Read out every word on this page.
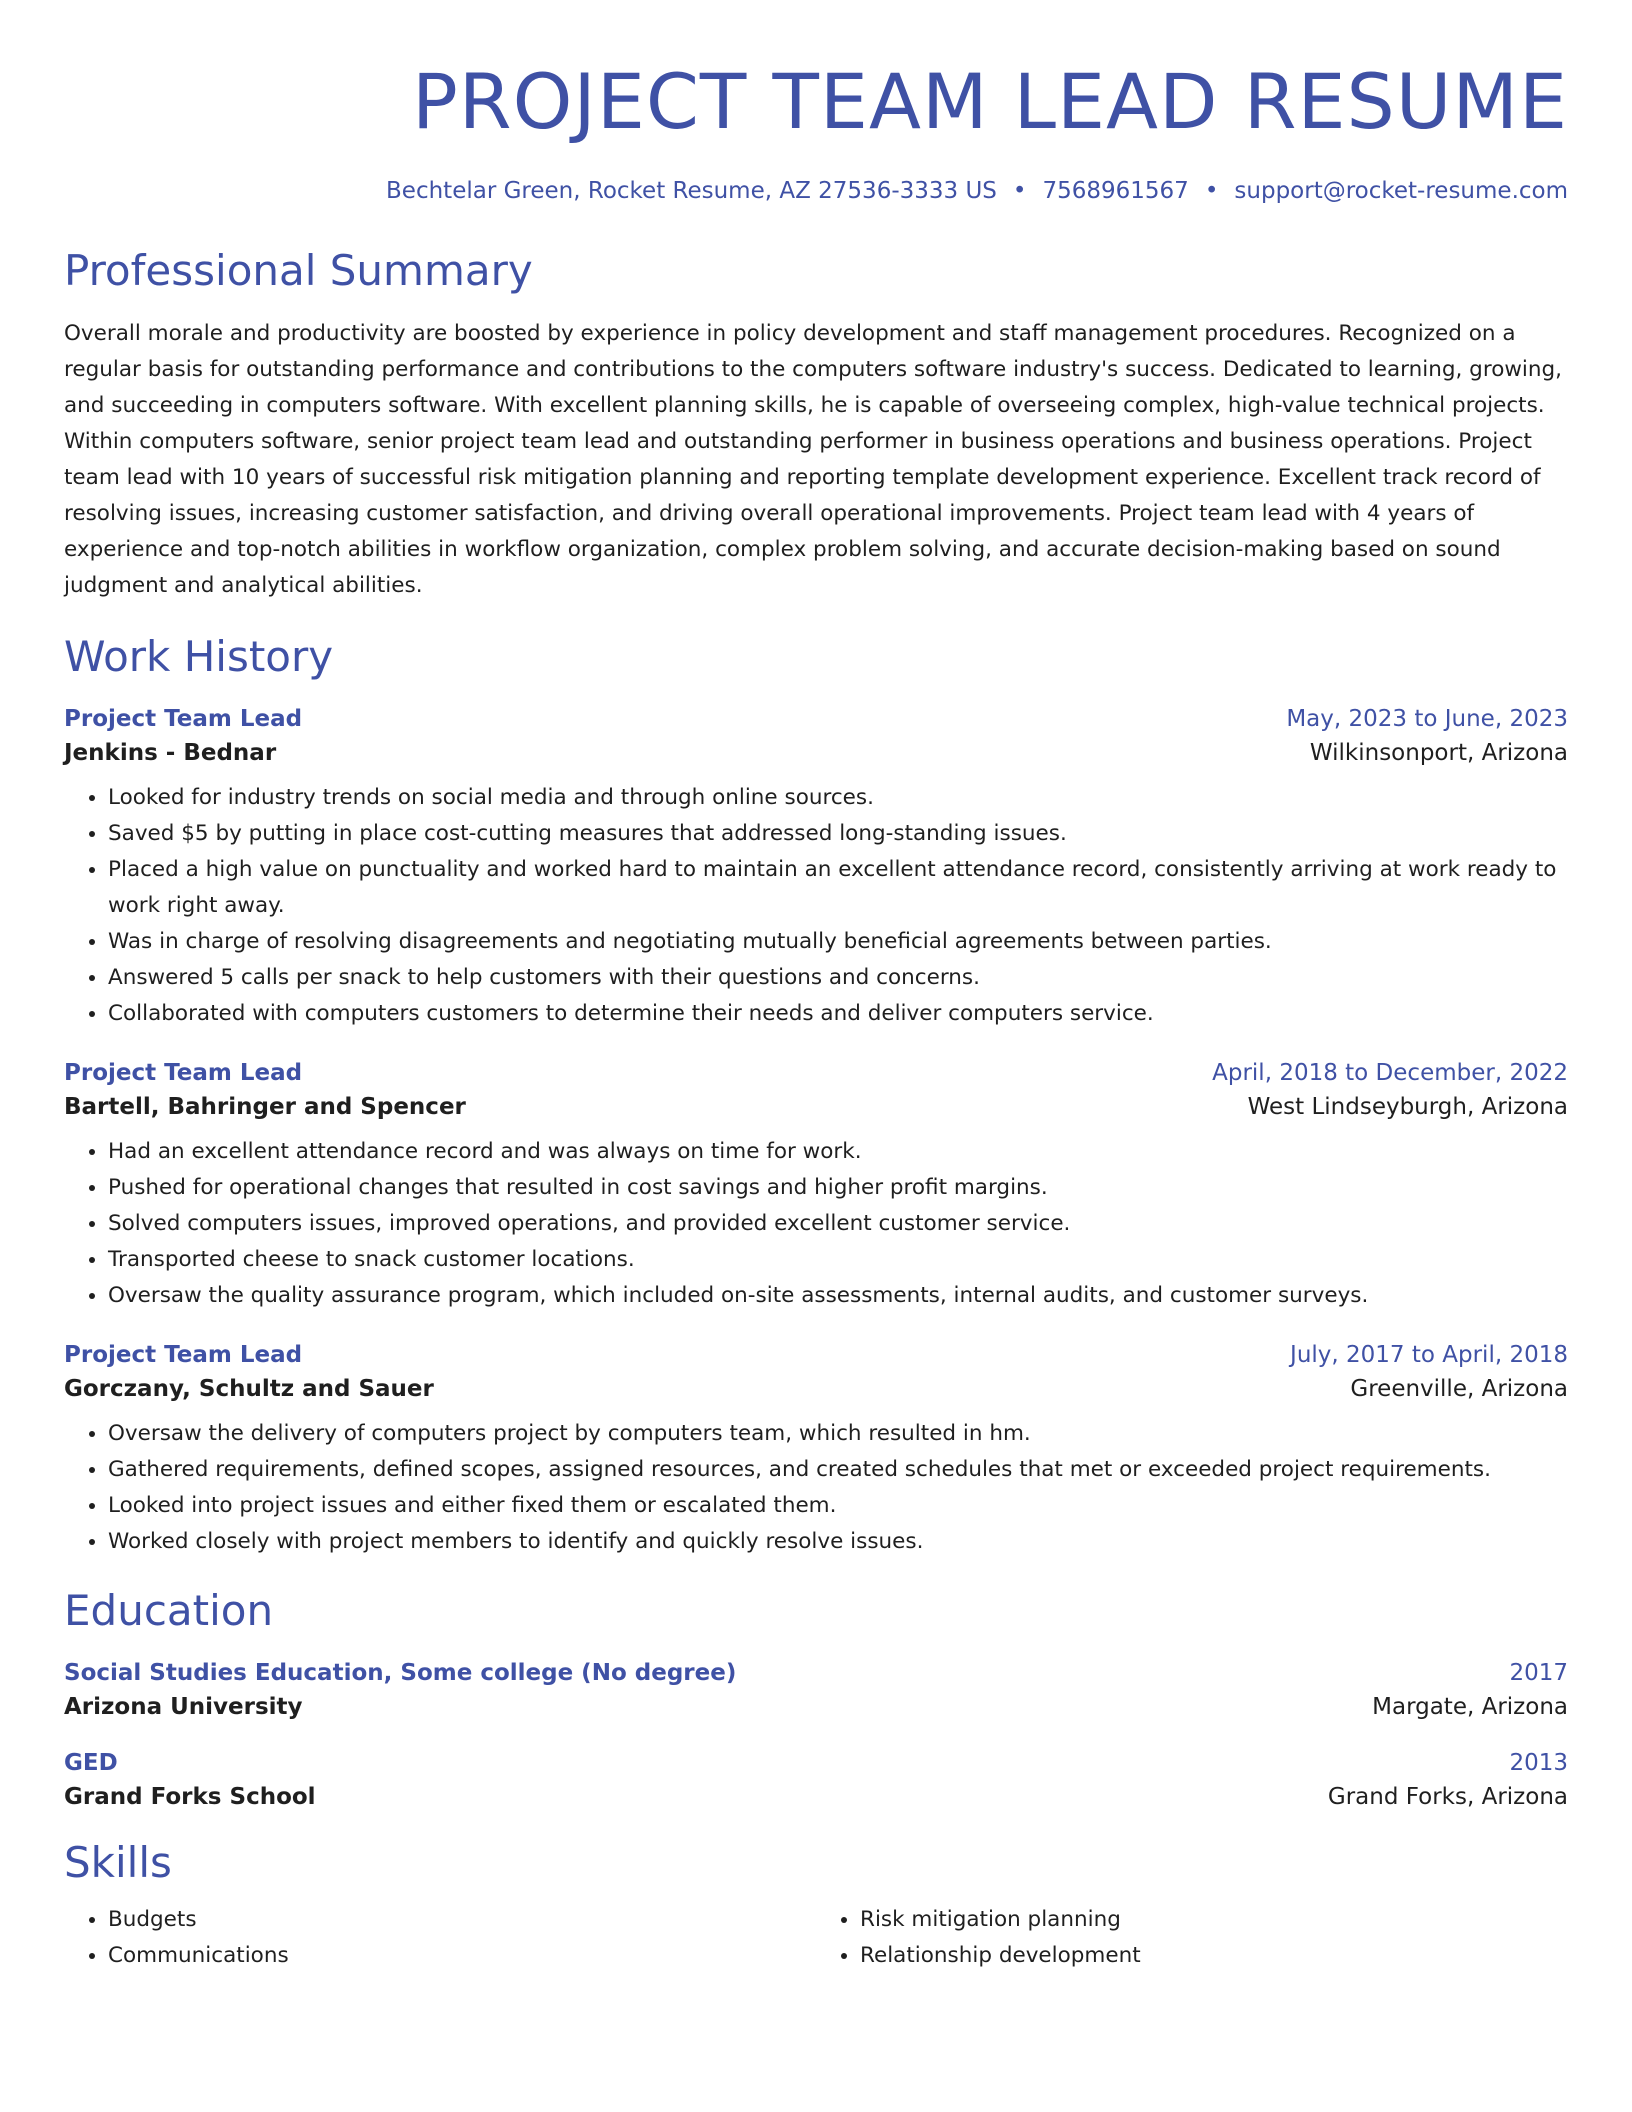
PROJECT TEAM LEAD RESUME
Bechtelar Green, Rocket Resume, AZ 27536-3333 US • 7568961567 • support@rocket-resume.com
Professional Summary

Overall morale and productivity are boosted by experience in policy development and staff management procedures. Recognized on a regular basis for outstanding performance and contributions to the computers software industry's success. Dedicated to learning, growing, and succeeding in computers software. With excellent planning skills, he is capable of overseeing complex, high-value technical projects. Within computers software, senior project team lead and outstanding performer in business operations and business operations. Project team lead with 10 years of successful risk mitigation planning and reporting template development experience. Excellent track record of resolving issues, increasing customer satisfaction, and driving overall operational improvements. Project team lead with 4 years of experience and top-notch abilities in workflow organization, complex problem solving, and accurate decision-making based on sound judgment and analytical abilities.

Work History
Project Team Lead	May, 2023 to June, 2023
Jenkins - Bednar	Wilkinsonport, Arizona
• Looked for industry trends on social media and through online sources.
• Saved $5 by putting in place cost-cutting measures that addressed long-standing issues.
• Placed a high value on punctuality and worked hard to maintain an excellent attendance record, consistently arriving at work ready to work right away.
• Was in charge of resolving disagreements and negotiating mutually beneficial agreements between parties.
• Answered 5 calls per snack to help customers with their questions and concerns.
• Collaborated with computers customers to determine their needs and deliver computers service.
Project Team Lead	April, 2018 to December, 2022
Bartell, Bahringer and Spencer	West Lindseyburgh, Arizona
• Had an excellent attendance record and was always on time for work.
• Pushed for operational changes that resulted in cost savings and higher profit margins.
• Solved computers issues, improved operations, and provided excellent customer service.
• Transported cheese to snack customer locations.
• Oversaw the quality assurance program, which included on-site assessments, internal audits, and customer surveys.
Project Team Lead	July, 2017 to April, 2018
Gorczany, Schultz and Sauer	Greenville, Arizona
• Oversaw the delivery of computers project by computers team, which resulted in hm.
• Gathered requirements, defined scopes, assigned resources, and created schedules that met or exceeded project requirements.
• Looked into project issues and either fixed them or escalated them.
• Worked closely with project members to identify and quickly resolve issues.
Education
Social Studies Education, Some college (No degree)	2017
Arizona University	Margate, Arizona
GED	2013
Grand Forks School	Grand Forks, Arizona
Skills
• Budgets
• Communications
• Risk mitigation planning
• Relationship development
